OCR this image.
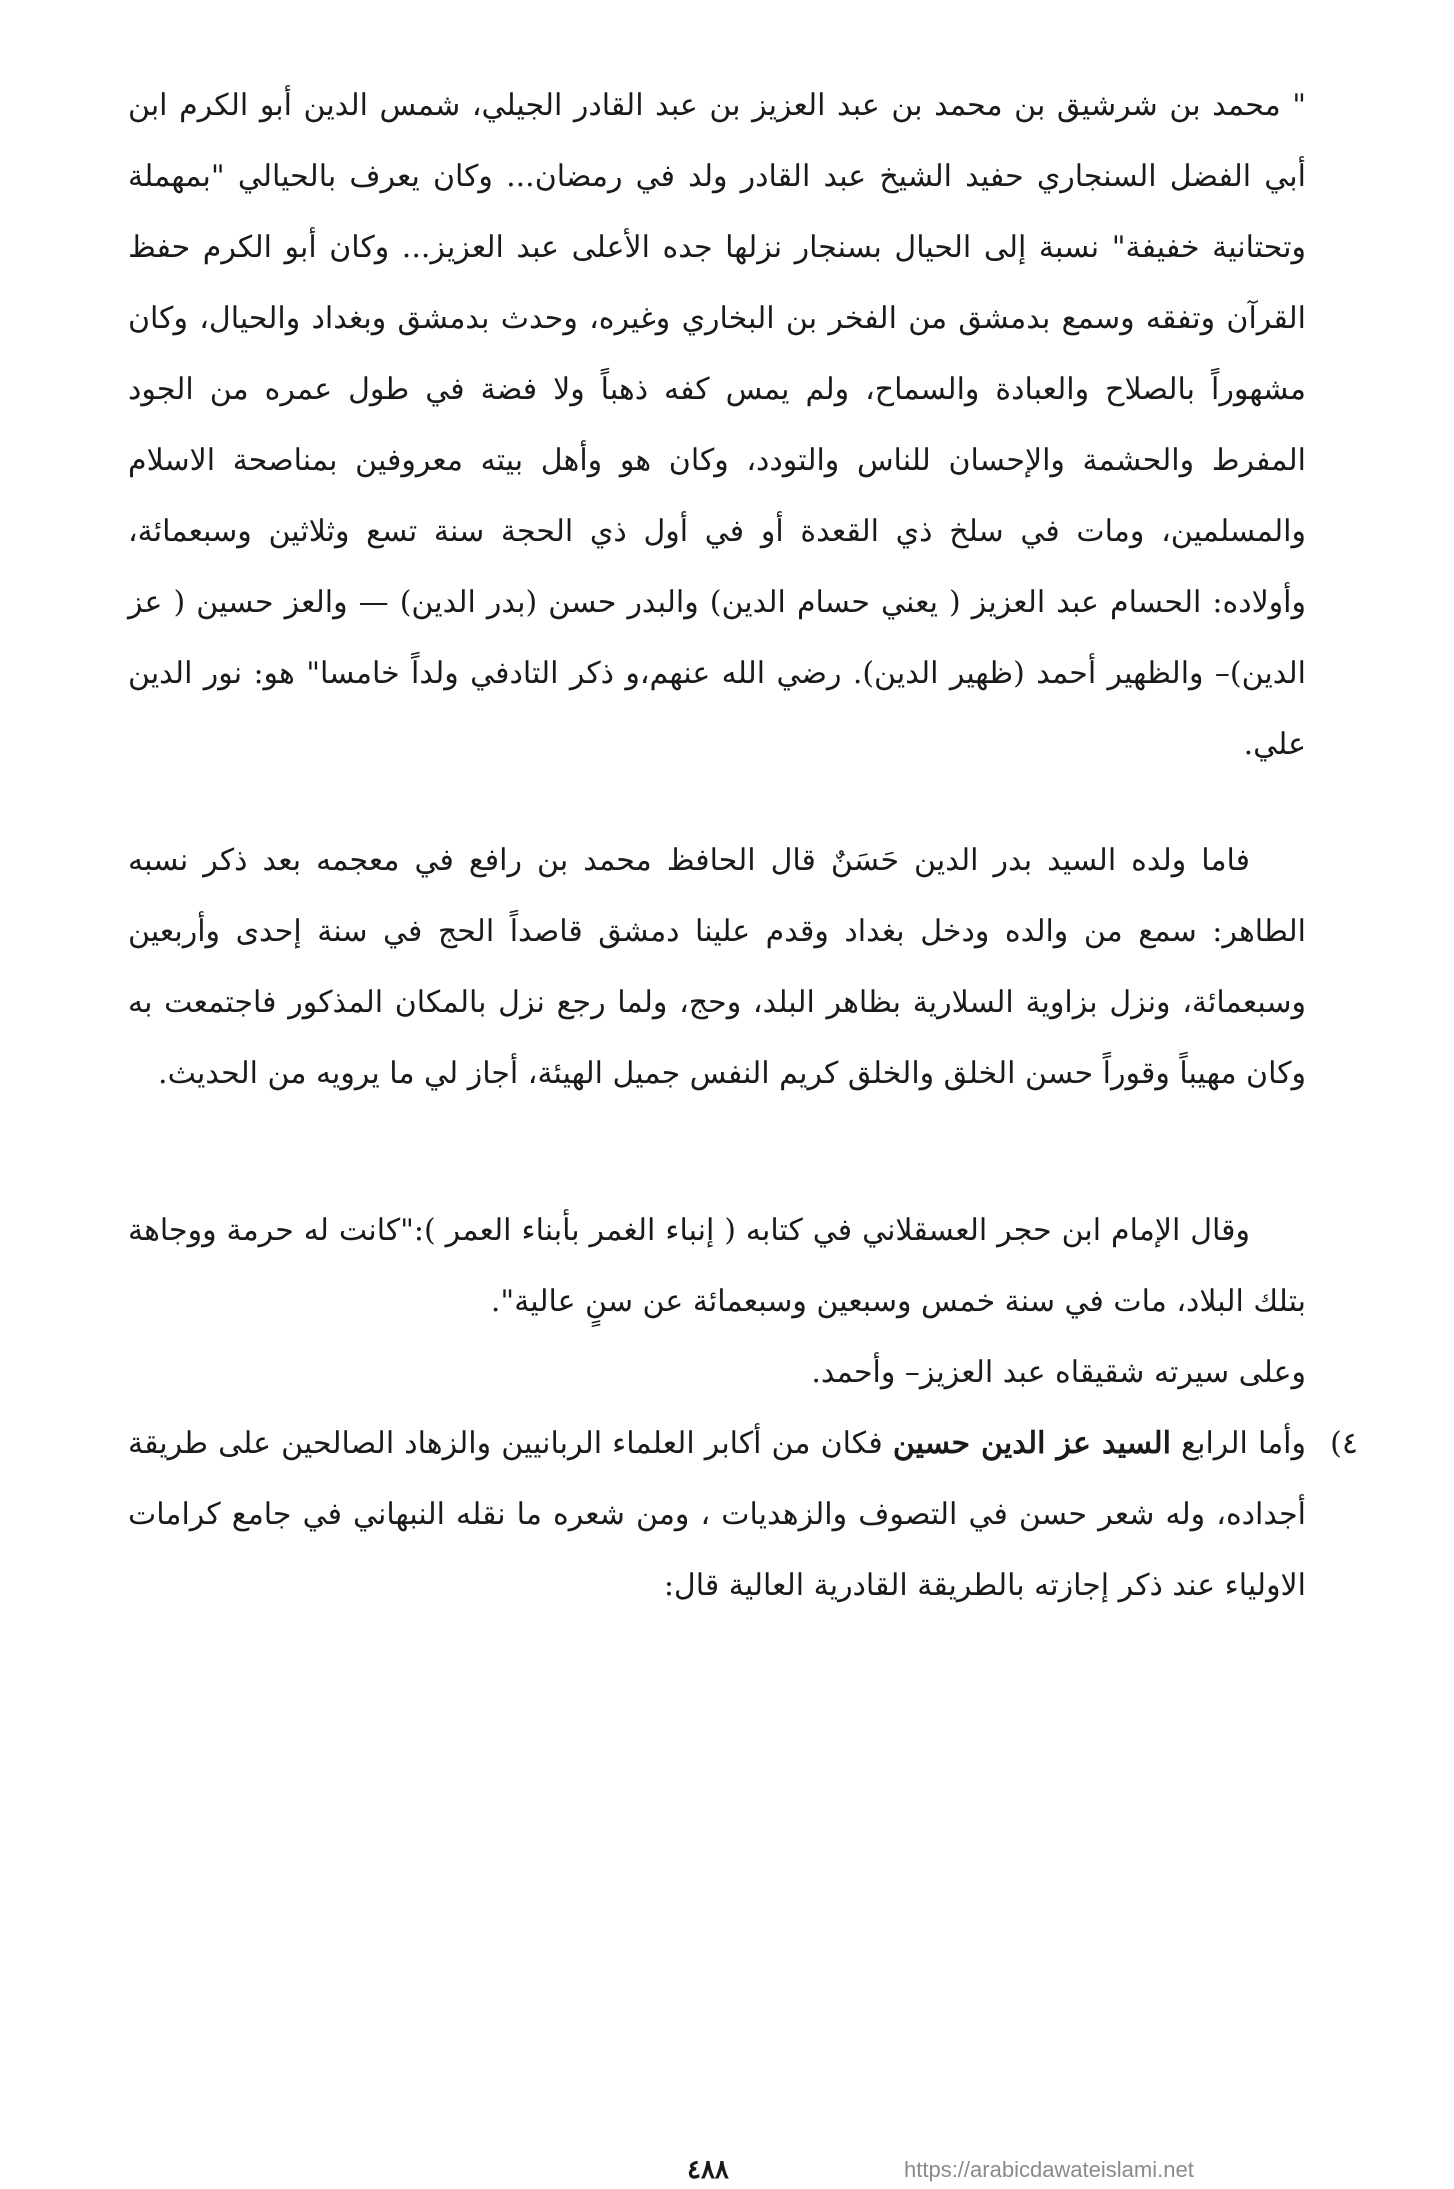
" محمد بن شرشيق بن محمد بن عبد العزيز بن عبد القادر الجيلي، شمس الدين أبو الكرم ابن أبي الفضل السنجاري حفيد الشيخ عبد القادر ولد في رمضان... وكان يعرف بالحيالي "بمهملة وتحتانية خفيفة" نسبة إلى الحيال بسنجار نزلها جده الأعلى عبد العزيز... وكان أبو الكرم حفظ القرآن وتفقه وسمع بدمشق من الفخر بن البخاري وغيره، وحدث بدمشق وبغداد والحيال، وكان مشهوراً بالصلاح والعبادة والسماح، ولم يمس كفه ذهباً ولا فضة في طول عمره من الجود المفرط والحشمة والإحسان للناس والتودد، وكان هو وأهل بيته معروفين بمناصحة الاسلام والمسلمين، ومات في سلخ ذي القعدة أو في أول ذي الحجة سنة تسع وثلاثين وسبعمائة، وأولاده: الحسام عبد العزيز ( يعني حسام الدين) والبدر حسن (بدر الدين) — والعز حسين ( عز الدين)– والظهير أحمد (ظهير الدين). رضي الله عنهم،و ذكر التادفي ولداً خامسا" هو: نور الدين علي.

فاما ولده السيد بدر الدين حَسَنٌ قال الحافظ محمد بن رافع في معجمه بعد ذكر نسبه الطاهر: سمع من والده ودخل بغداد وقدم علينا دمشق قاصداً الحج في سنة إحدى وأربعين وسبعمائة، ونزل بزاوية السلارية بظاهر البلد، وحج، ولما رجع نزل بالمكان المذكور فاجتمعت به وكان مهيباً وقوراً حسن الخلق والخلق كريم النفس جميل الهيئة، أجاز لي ما يرويه من الحديث.

وقال الإمام ابن حجر العسقلاني في كتابه ( إنباء الغمر بأبناء العمر ):"كانت له حرمة ووجاهة بتلك البلاد، مات في سنة خمس وسبعين وسبعمائة عن سنٍ عالية".

وعلى سيرته شقيقاه عبد العزيز– وأحمد.

٤)

وأما الرابع السيد عز الدين حسين فكان من أكابر العلماء الربانيين والزهاد الصالحين على طريقة أجداده، وله شعر حسن في التصوف والزهديات ، ومن شعره ما نقله النبهاني في جامع كرامات الاولياء عند ذكر إجازته بالطريقة القادرية العالية قال:

٤٨٨	https://arabicdawateislami.net
